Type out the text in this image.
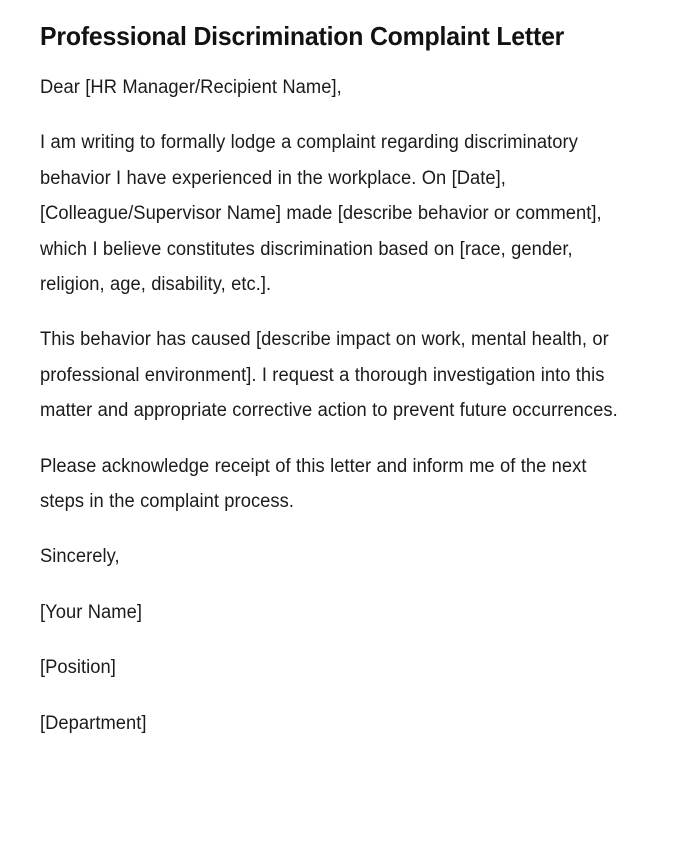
Professional Discrimination Complaint Letter

Dear [HR Manager/Recipient Name],

I am writing to formally lodge a complaint regarding discriminatory behavior I have experienced in the workplace. On [Date], [Colleague/Supervisor Name] made [describe behavior or comment], which I believe constitutes discrimination based on [race, gender, religion, age, disability, etc.].

This behavior has caused [describe impact on work, mental health, or professional environment]. I request a thorough investigation into this matter and appropriate corrective action to prevent future occurrences.

Please acknowledge receipt of this letter and inform me of the next steps in the complaint process.

Sincerely,

[Your Name]

[Position]

[Department]
